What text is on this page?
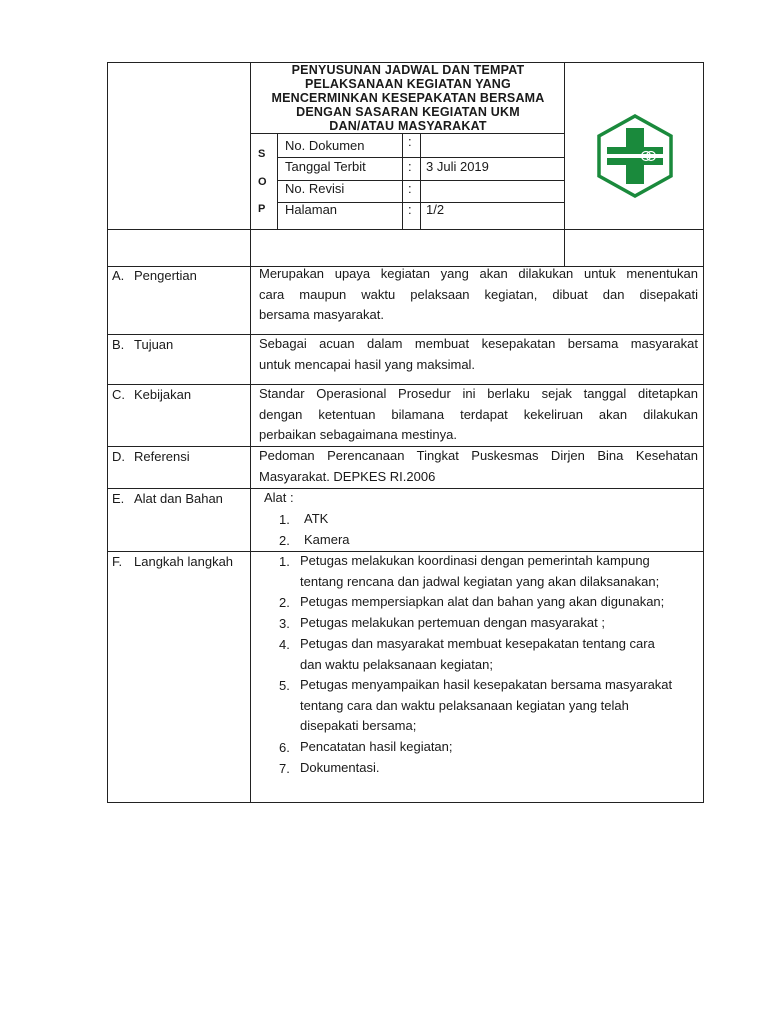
PENYUSUNAN JADWAL DAN TEMPAT
PELAKSANAAN KEGIATAN YANG
MENCERMINKAN KESEPAKATAN BERSAMA
DENGAN SASARAN KEGIATAN UKM
DAN/ATAU MASYARAKAT
S
O
P
No. Dokumen	:
Tanggal Terbit	: 3 Juli 2019
No. Revisi	:
Halaman	: 1/2
A. Pengertian	Merupakan upaya kegiatan yang akan dilakukan untuk menentukan
cara maupun waktu pelaksaan kegiatan, dibuat dan disepakati
bersama masyarakat.
B. Tujuan	Sebagai acuan dalam membuat kesepakatan bersama masyarakat
untuk mencapai hasil yang maksimal.
C. Kebijakan	Standar Operasional Prosedur ini berlaku sejak tanggal ditetapkan
dengan ketentuan bilamana terdapat kekeliruan akan dilakukan
perbaikan sebagaimana mestinya.
D. Referensi	Pedoman Perencanaan Tingkat Puskesmas Dirjen Bina Kesehatan
Masyarakat. DEPKES RI.2006
E. Alat dan Bahan	Alat :
1. ATK
2. Kamera
F. Langkah langkah	1. Petugas melakukan koordinasi dengan pemerintah kampung
tentang rencana dan jadwal kegiatan yang akan dilaksanakan;
2. Petugas mempersiapkan alat dan bahan yang akan digunakan;
3. Petugas melakukan pertemuan dengan masyarakat ;
4. Petugas dan masyarakat membuat kesepakatan tentang cara
dan waktu pelaksanaan kegiatan;
5. Petugas menyampaikan hasil kesepakatan bersama masyarakat
tentang cara dan waktu pelaksanaan kegiatan yang telah
disepakati bersama;
6. Pencatatan hasil kegiatan;
7. Dokumentasi.
